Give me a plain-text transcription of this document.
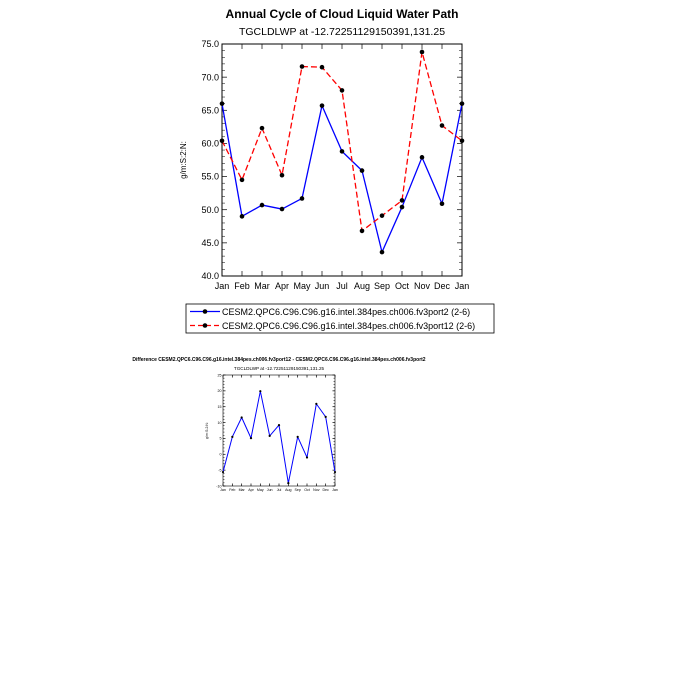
Annual Cycle of Cloud Liquid Water Path
TGCLDLWP at -12.72251129150391,131.25
40.0
45.0
50.0
55.0
60.0
65.0
70.0
75.0
Jan Feb Mar Apr May Jun Jul Aug Sep Oct Nov Dec Jan
g/m:S:2:N:
CESM2.QPC6.C96.C96.g16.intel.384pes.ch006.fv3port2 (2-6)
CESM2.QPC6.C96.C96.g16.intel.384pes.ch006.fv3port12 (2-6)
Difference CESM2.QPC6.C96.C96.g16.intel.384pes.ch006.fv3port12 - CESM2.QPC6.C96.C96.g16.intel.384pes.ch006.fv3port2
TGCLDLWP at -12.72251129150391,131.25
-10
-5
0
5
10
15
20
25
Jan Feb Mar Apr May Jun Jul Aug Sep Oct Nov Dec Jan
g/m:S:2:N:
